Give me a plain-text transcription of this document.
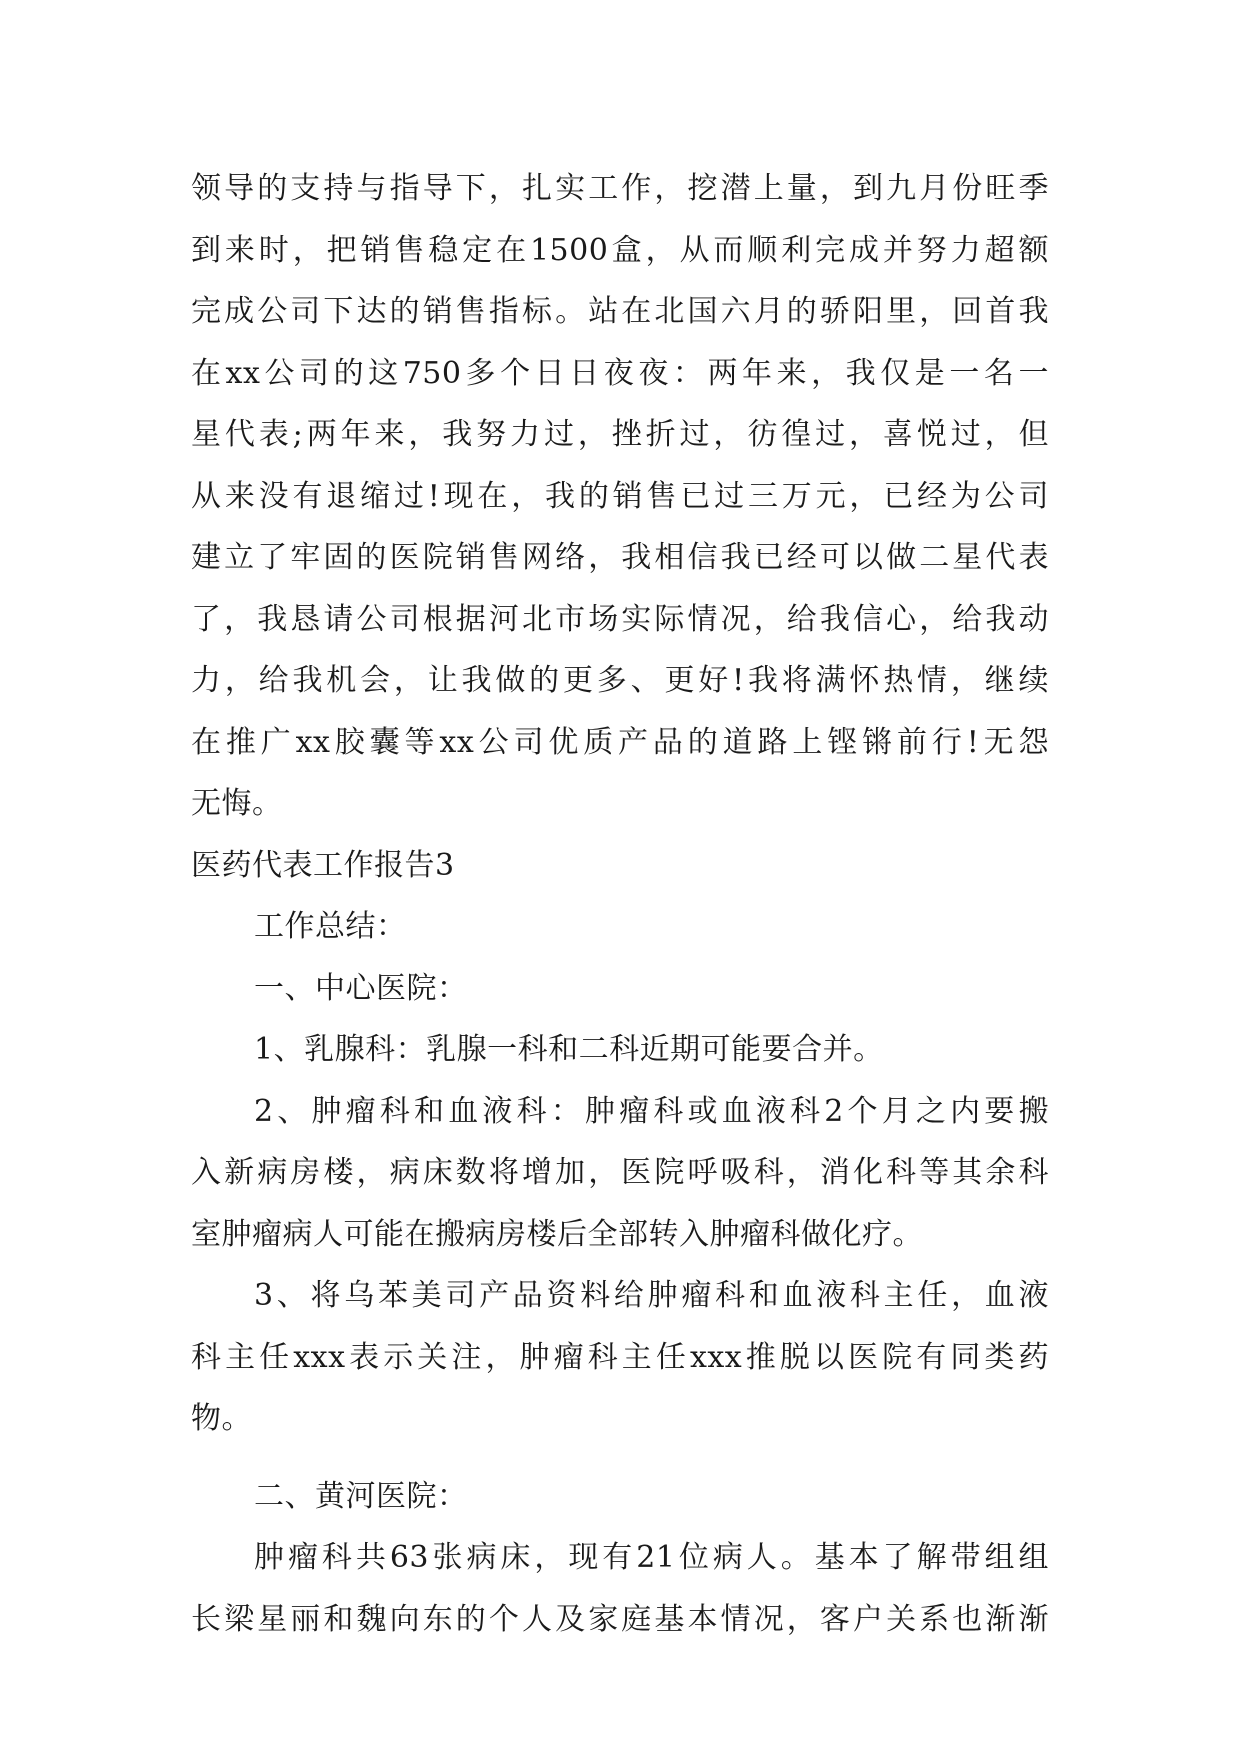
领导的支持与指导下，扎实工作，挖潜上量，到九月份旺季
到来时，把销售稳定在1500盒，从而顺利完成并努力超额
完成公司下达的销售指标。站在北国六月的骄阳里，回首我
在xx公司的这750多个日日夜夜：两年来，我仅是一名一
星代表;两年来，我努力过，挫折过，彷徨过，喜悦过，但
从来没有退缩过!现在，我的销售已过三万元，已经为公司
建立了牢固的医院销售网络，我相信我已经可以做二星代表
了，我恳请公司根据河北市场实际情况，给我信心，给我动
力，给我机会，让我做的更多、更好!我将满怀热情，继续
在推广xx胶囊等xx公司优质产品的道路上铿锵前行!无怨
无悔。
医药代表工作报告3
工作总结：
一、中心医院：
1、乳腺科：乳腺一科和二科近期可能要合并。
2、肿瘤科和血液科：肿瘤科或血液科2个月之内要搬
入新病房楼，病床数将增加，医院呼吸科，消化科等其余科
室肿瘤病人可能在搬病房楼后全部转入肿瘤科做化疗。
3、将乌苯美司产品资料给肿瘤科和血液科主任，血液
科主任xxx表示关注，肿瘤科主任xxx推脱以医院有同类药
物。
二、黄河医院：
肿瘤科共63张病床，现有21位病人。基本了解带组组
长梁星丽和魏向东的个人及家庭基本情况，客户关系也渐渐
